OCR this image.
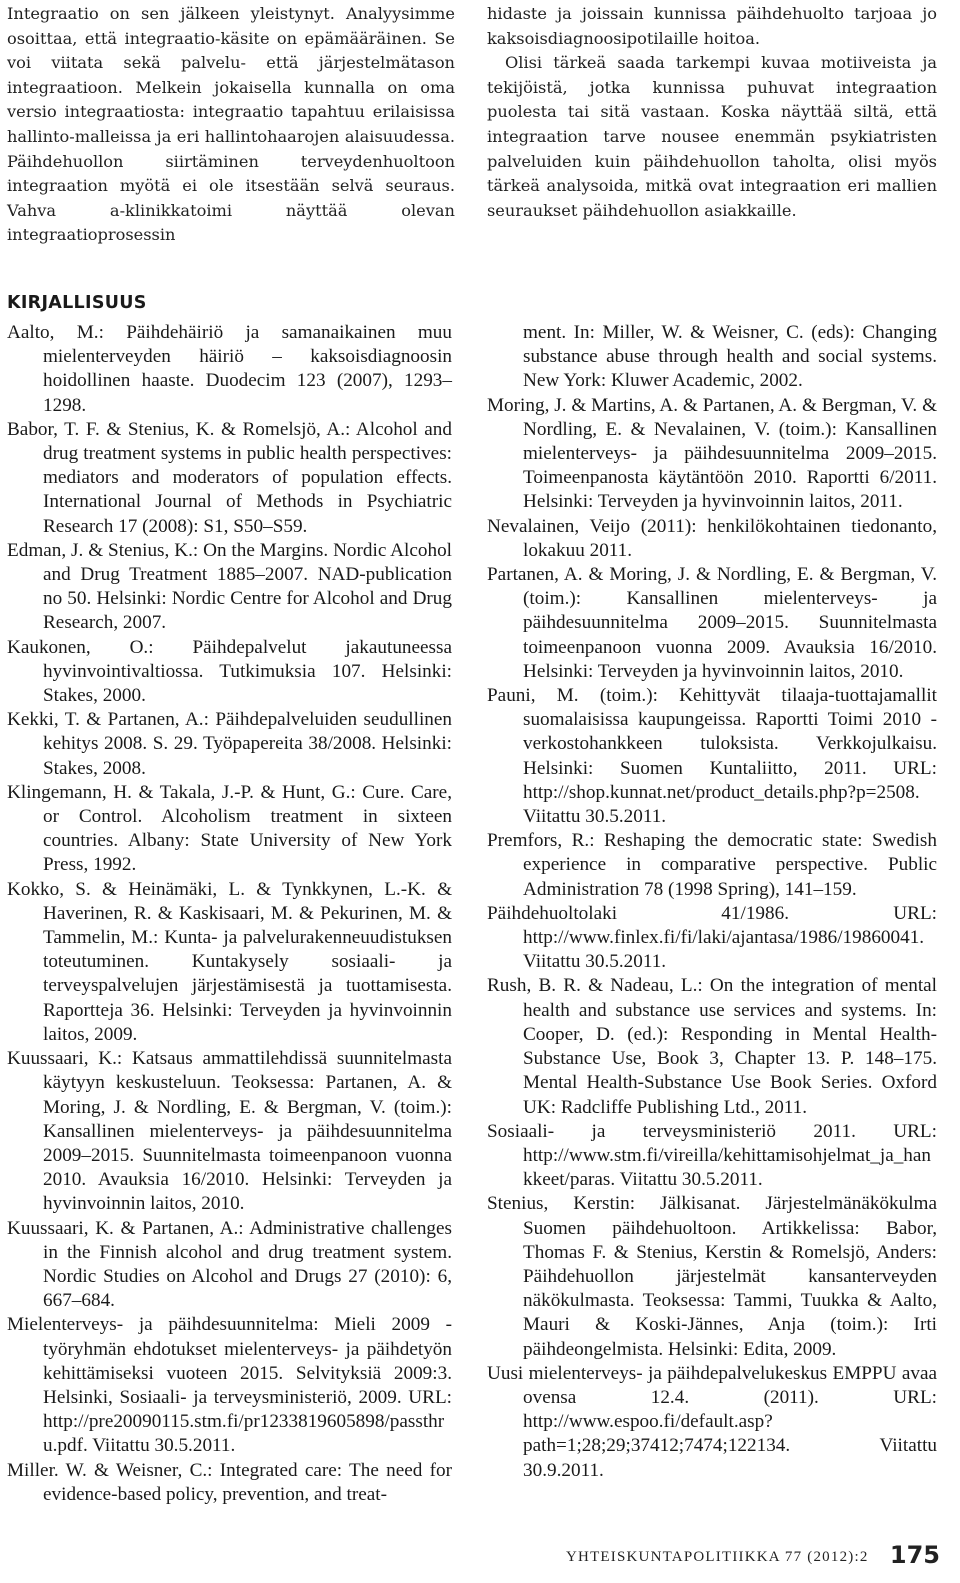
Integraatio on sen jälkeen yleistynyt. Analyysimme osoittaa, että integraatio-käsite on epämääräinen. Se voi viitata sekä palvelu- että järjestelmätason integraatioon. Melkein jokaisella kunnalla on oma versio integraatiosta: integraatio tapahtuu erilaisissa hallinto-malleissa ja eri hallintohaarojen alaisuudessa. Päihdehuollon siirtäminen terveydenhuoltoon integraation myötä ei ole itsestään selvä seuraus. Vahva a-klinikkatoimi näyttää olevan integraatioprosessin

hidaste ja joissain kunnissa päihdehuolto tarjoaa jo kaksoisdiagnoosipotilaille hoitoa.

Olisi tärkeä saada tarkempi kuvaa motiiveista ja tekijöistä, jotka kunnissa puhuvat integraation puolesta tai sitä vastaan. Koska näyttää siltä, että integraation tarve nousee enemmän psykiatristen palveluiden kuin päihdehuollon taholta, olisi myös tärkeä analysoida, mitkä ovat integraation eri mallien seuraukset päihdehuollon asiakkaille.

KIRJALLISUUS
Aalto, M.: Päihdehäiriö ja samanaikainen muu mielenterveyden häiriö – kaksoisdiagnoosin hoidollinen haaste. Duodecim 123 (2007), 1293–1298.
Babor, T. F. & Stenius, K. & Romelsjö, A.: Alcohol and drug treatment systems in public health perspectives: mediators and moderators of population effects. International Journal of Methods in Psychiatric Research 17 (2008): S1, S50–S59.
Edman, J. & Stenius, K.: On the Margins. Nordic Alcohol and Drug Treatment 1885–2007. NAD-publication no 50. Helsinki: Nordic Centre for Alcohol and Drug Research, 2007.
Kaukonen, O.: Päihdepalvelut jakautuneessa hyvinvointivaltiossa. Tutkimuksia 107. Helsinki: Stakes, 2000.
Kekki, T. & Partanen, A.: Päihdepalveluiden seudullinen kehitys 2008. S. 29. Työpapereita 38/2008. Helsinki: Stakes, 2008.
Klingemann, H. & Takala, J.-P. & Hunt, G.: Cure. Care, or Control. Alcoholism treatment in sixteen countries. Albany: State University of New York Press, 1992.
Kokko, S. & Heinämäki, L. & Tynkkynen, L.-K. & Haverinen, R. & Kaskisaari, M. & Pekurinen, M. & Tammelin, M.: Kunta- ja palvelurakenneuudistuksen toteutuminen. Kuntakysely sosiaali- ja terveyspalvelujen järjestämisestä ja tuottamisesta. Raportteja 36. Helsinki: Terveyden ja hyvinvoinnin laitos, 2009.
Kuussaari, K.: Katsaus ammattilehdissä suunnitelmasta käytyyn keskusteluun. Teoksessa: Partanen, A. & Moring, J. & Nordling, E. & Bergman, V. (toim.): Kansallinen mielenterveys- ja päihdesuunnitelma 2009–2015. Suunnitelmasta toimeenpanoon vuonna 2010. Avauksia 16/2010. Helsinki: Terveyden ja hyvinvoinnin laitos, 2010.
Kuussaari, K. & Partanen, A.: Administrative challenges in the Finnish alcohol and drug treatment system. Nordic Studies on Alcohol and Drugs 27 (2010): 6, 667–684.
Mielenterveys- ja päihdesuunnitelma: Mieli 2009 -työryhmän ehdotukset mielenterveys- ja päihdetyön kehittämiseksi vuoteen 2015. Selvityksiä 2009:3. Helsinki, Sosiaali- ja terveysministeriö, 2009. URL: http://pre20090115.stm.fi/pr1233819605898/passthru.pdf. Viitattu 30.5.2011.
Miller. W. & Weisner, C.: Integrated care: The need for evidence-based policy, prevention, and treat-
ment. In: Miller, W. & Weisner, C. (eds): Changing substance abuse through health and social systems. New York: Kluwer Academic, 2002.
Moring, J. & Martins, A. & Partanen, A. & Bergman, V. & Nordling, E. & Nevalainen, V. (toim.): Kansallinen mielenterveys- ja päihdesuunnitelma 2009–2015. Toimeenpanosta käytäntöön 2010. Raportti 6/2011. Helsinki: Terveyden ja hyvinvoinnin laitos, 2011.
Nevalainen, Veijo (2011): henkilökohtainen tiedonanto, lokakuu 2011.
Partanen, A. & Moring, J. & Nordling, E. & Bergman, V. (toim.): Kansallinen mielenterveys- ja päihdesuunnitelma 2009–2015. Suunnitelmasta toimeenpanoon vuonna 2009. Avauksia 16/2010. Helsinki: Terveyden ja hyvinvoinnin laitos, 2010.
Pauni, M. (toim.): Kehittyvät tilaaja-tuottajamallit suomalaisissa kaupungeissa. Raportti Toimi 2010 -verkostohankkeen tuloksista. Verkkojulkaisu. Helsinki: Suomen Kuntaliitto, 2011. URL: http://shop.kunnat.net/product_details.php?p=2508. Viitattu 30.5.2011.
Premfors, R.: Reshaping the democratic state: Swedish experience in comparative perspective. Public Administration 78 (1998 Spring), 141–159.
Päihdehuoltolaki 41/1986. URL: http://www.finlex.fi/fi/laki/ajantasa/1986/19860041. Viitattu 30.5.2011.
Rush, B. R. & Nadeau, L.: On the integration of mental health and substance use services and systems. In: Cooper, D. (ed.): Responding in Mental Health-Substance Use, Book 3, Chapter 13. P. 148–175. Mental Health-Substance Use Book Series. Oxford UK: Radcliffe Publishing Ltd., 2011.
Sosiaali- ja terveysministeriö 2011. URL: http://www.stm.fi/vireilla/kehittamisohjelmat_ja_hankkeet/paras. Viitattu 30.5.2011.
Stenius, Kerstin: Jälkisanat. Järjestelmänäkökulma Suomen päihdehuoltoon. Artikkelissa: Babor, Thomas F. & Stenius, Kerstin & Romelsjö, Anders: Päihdehuollon järjestelmät kansanterveyden näkökulmasta. Teoksessa: Tammi, Tuukka & Aalto, Mauri & Koski-Jännes, Anja (toim.): Irti päihdeongelmista. Helsinki: Edita, 2009.
Uusi mielenterveys- ja päihdepalvelukeskus EMPPU avaa ovensa 12.4. (2011). URL: http://www.espoo.fi/default.asp?path=1;28;29;37412;7474;122134. Viitattu 30.9.2011.
YHTEISKUNTAPOLITIIKKA 77 (2012):2 175
